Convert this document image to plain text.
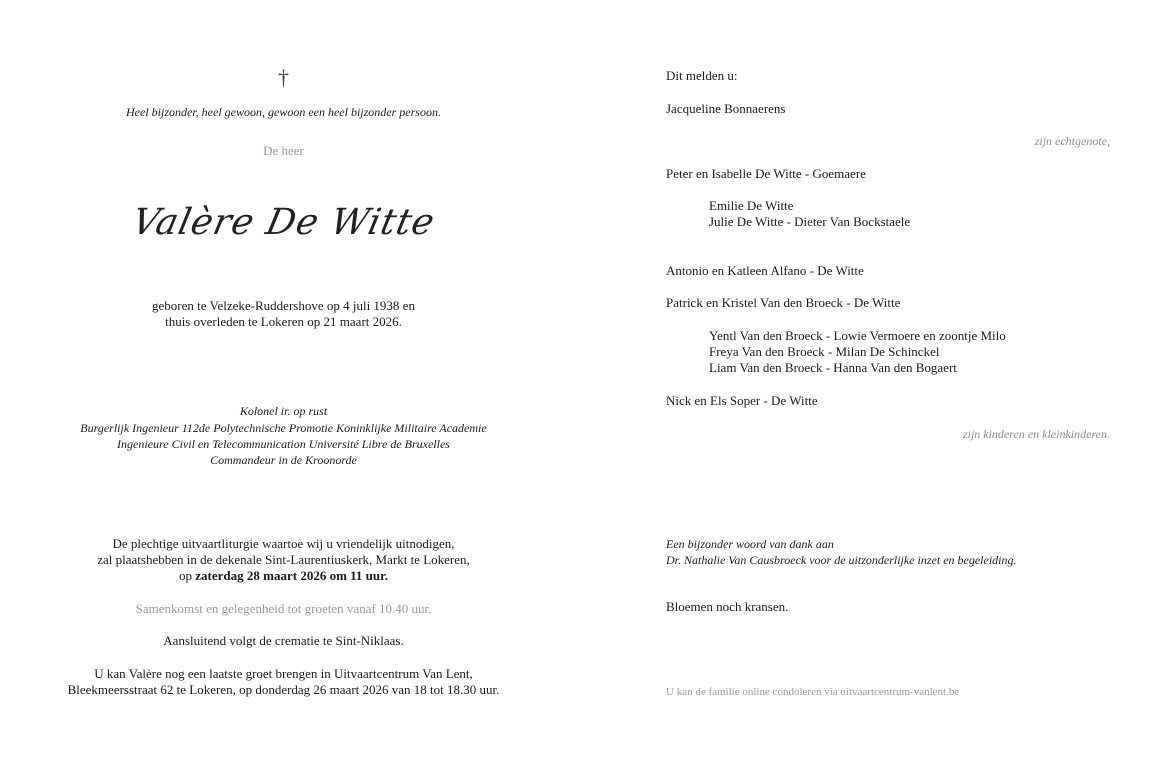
†
Heel bijzonder, heel gewoon, gewoon een heel bijzonder persoon.
De heer
Valère De Witte
geboren te Velzeke-Ruddershove op 4 juli 1938 en
thuis overleden te Lokeren op 21 maart 2026.
Kolonel ir. op rust
Burgerlijk Ingenieur 112de Polytechnische Promotie Koninklijke Militaire Academie
Ingenieure Civil en Telecommunication Université Libre de Bruxelles
Commandeur in de Kroonorde
De plechtige uitvaartliturgie waartoe wij u vriendelijk uitnodigen,
zal plaatshebben in de dekenale Sint-Laurentiuskerk, Markt te Lokeren,
op zaterdag 28 maart 2026 om 11 uur.
Samenkomst en gelegenheid tot groeten vanaf 10.40 uur.
Aansluitend volgt de crematie te Sint-Niklaas.
U kan Valère nog een laatste groet brengen in Uitvaartcentrum Van Lent,
Bleekmeersstraat 62 te Lokeren, op donderdag 26 maart 2026 van 18 tot 18.30 uur.
Dit melden u:
Jacqueline Bonnaerens
zijn echtgenote,
Peter en Isabelle De Witte - Goemaere
Emilie De Witte
Julie De Witte - Dieter Van Bockstaele
Antonio en Katleen Alfano - De Witte
Patrick en Kristel Van den Broeck - De Witte
Yentl Van den Broeck - Lowie Vermoere en zoontje Milo
Freya Van den Broeck - Milan De Schinckel
Liam Van den Broeck - Hanna Van den Bogaert
Nick en Els Soper - De Witte
zijn kinderen en kleinkinderen.
Een bijzonder woord van dank aan
Dr. Nathalie Van Causbroeck voor de uitzonderlijke inzet en begeleiding.
Bloemen noch kransen.
U kan de familie online condoleren via uitvaartcentrum-vanlent.be
